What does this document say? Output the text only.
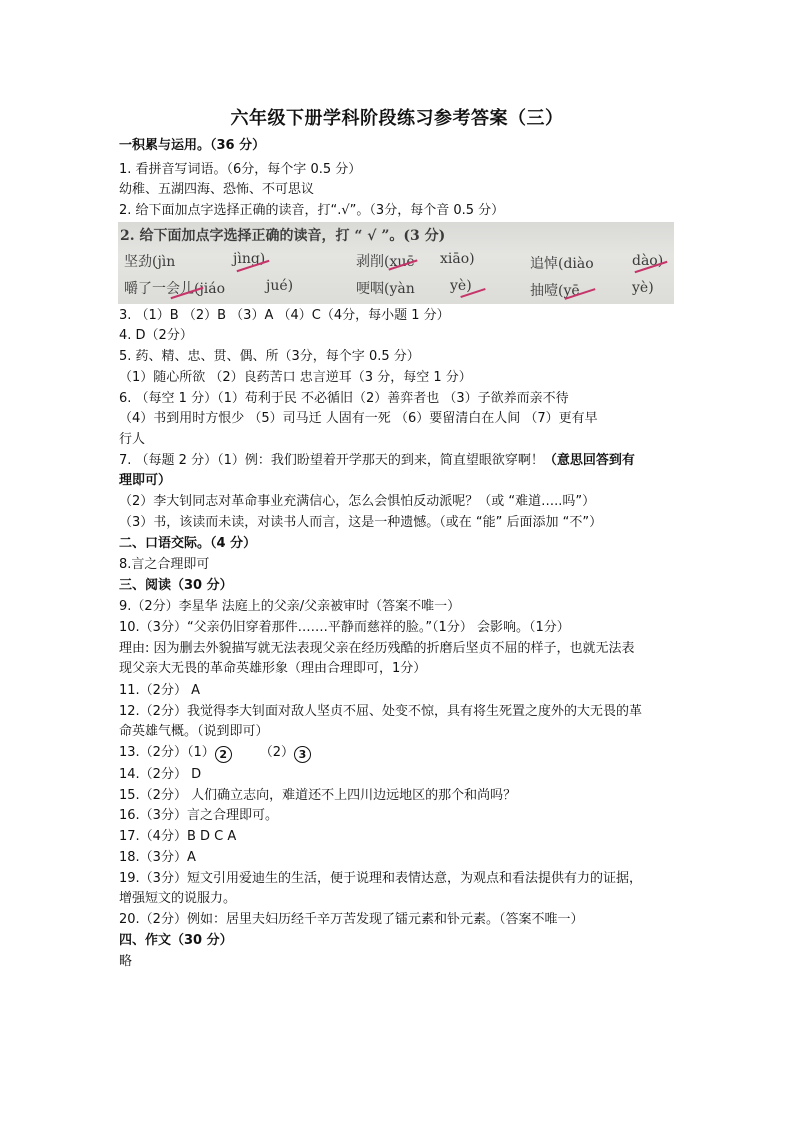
六年级下册学科阶段练习参考答案（三）
一积累与运用。（36 分）
1. 看拼音写词语。（6分，每个字 0.5 分）
幼稚、五湖四海、恐怖、不可思议
2. 给下面加点字选择正确的读音，打“.√”。（3分，每个音 0.5 分）
2. 给下面加点字选择正确的读音，打 “ √ ”。(3 分)
坚劲(jìn	jìng)	剥削(xuē xiāo)	追悼(diào	dào)
嚼了一会儿(jiáo	jué)	哽咽(yàn	yè)	抽噎(yē	yè)
3. （1）B （2）B （3）A （4）C（4分，每小题 1 分）
4. D（2分）
5. 药、精、忠、贯、偶、所（3分，每个字 0.5 分）
（1）随心所欲 （2）良药苦口 忠言逆耳（3 分，每空 1 分）
6. （每空 1 分）（1）苟利于民 不必循旧（2）善弈者也 （3）子欲养而亲不待
（4）书到用时方恨少 （5）司马迁 人固有一死 （6）要留清白在人间 （7）更有早
行人
7. （每题 2 分）（1）例：我们盼望着开学那天的到来，简直望眼欲穿啊！（意思回答到有
理即可）
（2）李大钊同志对革命事业充满信心，怎么会惧怕反动派呢？（或 “难道…..吗”）
（3）书，该读而未读，对读书人而言，这是一种遗憾。（或在 “能” 后面添加 “不”）
二、口语交际。（4 分）
8.言之合理即可
三、阅读（30 分）
9.（2分）李星华 法庭上的父亲/父亲被审时（答案不唯一）
10.（3分）“父亲仍旧穿着那件…….平静而慈祥的脸。”（1分） 会影响。（1分）
理由: 因为删去外貌描写就无法表现父亲在经历残酷的折磨后坚贞不屈的样子，也就无法表
现父亲大无畏的革命英雄形象（理由合理即可，1分）
11.（2分） A
12.（2分）我觉得李大钊面对敌人坚贞不屈、处变不惊，具有将生死置之度外的大无畏的革
命英雄气概。（说到即可）
13.（2分）（1） 2	（2） 3
14.（2分） D
15.（2分） 人们确立志向，难道还不上四川边远地区的那个和尚吗？
16.（3分）言之合理即可。
17.（4分）B D C A
18.（3分）A
19.（3分）短文引用爱迪生的生活，便于说理和表情达意，为观点和看法提供有力的证据，
增强短文的说服力。
20.（2分）例如：居里夫妇历经千辛万苦发现了镭元素和钋元素。（答案不唯一）
四、作文（30 分）
略
